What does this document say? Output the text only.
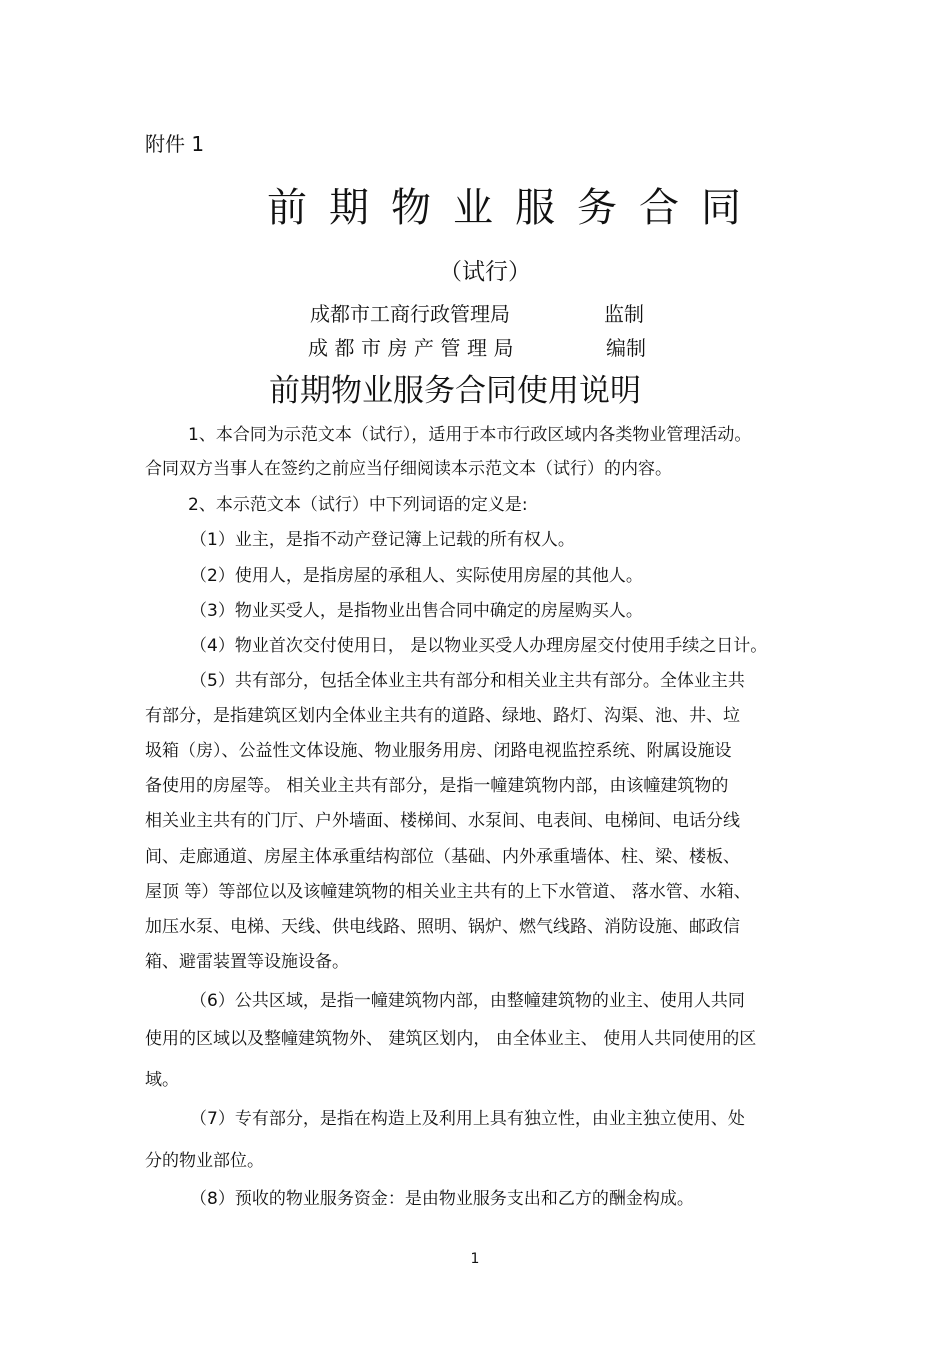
附件 1

前期物业服务合同

（试行）

成都市工商行政管理局	监制
成都市房产管理局	编制
前期物业服务合同使用说明

1、本合同为示范文本（试行），适用于本市行政区域内各类物业管理活动。

合同双方当事人在签约之前应当仔细阅读本示范文本（试行）的内容。

2、本示范文本（试行）中下列词语的定义是:

（1）业主，是指不动产登记簿上记载的所有权人。

（2）使用人，是指房屋的承租人、实际使用房屋的其他人。

（3）物业买受人，是指物业出售合同中确定的房屋购买人。

（4）物业首次交付使用日， 是以物业买受人办理房屋交付使用手续之日计。

（5）共有部分，包括全体业主共有部分和相关业主共有部分。全体业主共

有部分，是指建筑区划内全体业主共有的道路、绿地、路灯、沟渠、池、井、垃

圾箱（房）、公益性文体设施、物业服务用房、闭路电视监控系统、附属设施设

备使用的房屋等。 相关业主共有部分，是指一幢建筑物内部，由该幢建筑物的

相关业主共有的门厅、户外墙面、楼梯间、水泵间、电表间、电梯间、电话分线

间、走廊通道、房屋主体承重结构部位（基础、内外承重墙体、柱、梁、楼板、

屋顶 等）等部位以及该幢建筑物的相关业主共有的上下水管道、 落水管、水箱、

加压水泵、电梯、天线、供电线路、照明、锅炉、燃气线路、消防设施、邮政信

箱、避雷装置等设施设备。

（6）公共区域，是指一幢建筑物内部，由整幢建筑物的业主、使用人共同

使用的区域以及整幢建筑物外、 建筑区划内， 由全体业主、 使用人共同使用的区

域。

（7）专有部分，是指在构造上及利用上具有独立性，由业主独立使用、处

分的物业部位。

（8）预收的物业服务资金：是由物业服务支出和乙方的酬金构成。

1
